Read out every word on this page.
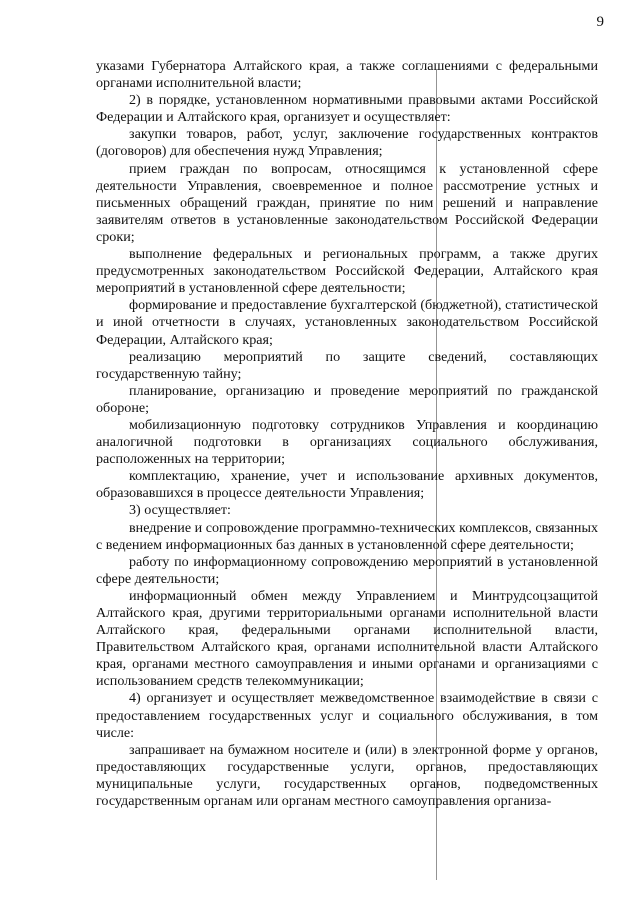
9

указами Губернатора Алтайского края, а также соглашениями с федеральными органами исполнительной власти;

2) в порядке, установленном нормативными правовыми актами Российской Федерации и Алтайского края, организует и осуществляет:

закупки товаров, работ, услуг, заключение государственных контрактов (договоров) для обеспечения нужд Управления;

прием граждан по вопросам, относящимся к установленной сфере деятельности Управления, своевременное и полное рассмотрение устных и письменных обращений граждан, принятие по ним решений и направление заявителям ответов в установленные законодательством Российской Федерации сроки;

выполнение федеральных и региональных программ, а также других предусмотренных законодательством Российской Федерации, Алтайского края мероприятий в установленной сфере деятельности;

формирование и предоставление бухгалтерской (бюджетной), статистической и иной отчетности в случаях, установленных законодательством Российской Федерации, Алтайского края;

реализацию мероприятий по защите сведений, составляющих государственную тайну;

планирование, организацию и проведение мероприятий по гражданской обороне;

мобилизационную подготовку сотрудников Управления и координацию аналогичной подготовки в организациях социального обслуживания, расположенных на территории;

комплектацию, хранение, учет и использование архивных документов, образовавшихся в процессе деятельности Управления;

3) осуществляет:

внедрение и сопровождение программно-технических комплексов, связанных с ведением информационных баз данных в установленной сфере деятельности;

работу по информационному сопровождению мероприятий в установленной сфере деятельности;

информационный обмен между Управлением и Минтрудсоцзащитой Алтайского края, другими территориальными органами исполнительной власти Алтайского края, федеральными органами исполнительной власти, Правительством Алтайского края, органами исполнительной власти Алтайского края, органами местного самоуправления и иными органами и организациями с использованием средств телекоммуникации;

4) организует и осуществляет межведомственное взаимодействие в связи с предоставлением государственных услуг и социального обслуживания, в том числе:

запрашивает на бумажном носителе и (или) в электронной форме у органов, предоставляющих государственные услуги, органов, предоставляющих муниципальные услуги, государственных органов, подведомственных государственным органам или органам местного самоуправления организа-
